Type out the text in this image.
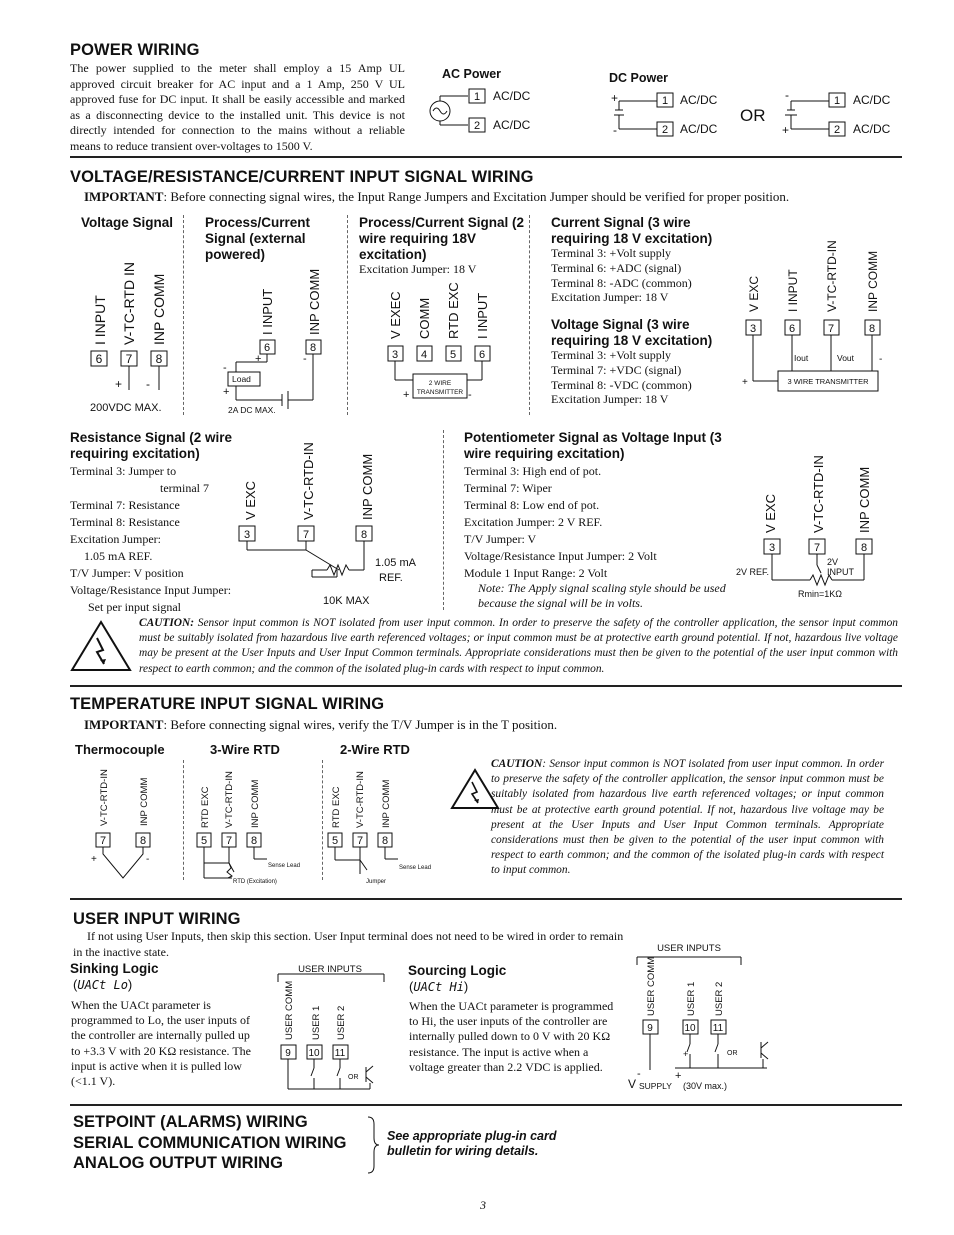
POWER WIRING
The power supplied to the meter shall employ a 15 Amp UL approved circuit breaker for AC input and a 1 Amp, 250 V UL approved fuse for DC input. It shall be easily accessible and marked as a disconnecting device to the installed unit. This device is not directly intended for connection to the mains without a reliable means to reduce transient over-voltages to 1500 V.
AC Power
1
2
AC/DC
AC/DC
DC Power
+
-
1
2
AC/DC
AC/DC
OR
-
+
1
2
AC/DC
AC/DC
VOLTAGE/RESISTANCE/CURRENT INPUT SIGNAL WIRING
IMPORTANT: Before connecting signal wires, the Input Range Jumpers and Excitation Jumper should be verified for proper position.
Voltage Signal
I INPUT V-TC-RTD IN INP COMM
6 7 8
+ -
200VDC MAX.
Process/Current Signal (external powered)
I INPUT INP COMM
6	8
-
+	-
+
Load
2A DC MAX.
Process/Current Signal (2 wire requiring 18V excitation)
Excitation Jumper: 18 V
V EXEC COMM RTD EXC I INPUT
3 4 5 6
+	-
2 WIRE
TRANSMITTER
Current Signal (3 wire requiring 18 V excitation)
Terminal 3: +Volt supply
Terminal 6: +ADC (signal)
Terminal 8: -ADC (common)
Excitation Jumper: 18 V
Voltage Signal (3 wire requiring 18 V excitation)
Terminal 3: +Volt supply
Terminal 7: +VDC (signal)
Terminal 8: -VDC (common)
Excitation Jumper: 18 V
V EXC I INPUT V-TC-RTD-IN INP COMM
3	6	7	8
+
Iout	Vout -
3 WIRE TRANSMITTER
Resistance Signal (2 wire requiring excitation)
Terminal 3: Jumper to
terminal 7
Terminal 7: Resistance
Terminal 8: Resistance
Excitation Jumper:
1.05 mA REF.
T/V Jumper: V position
Voltage/Resistance Input Jumper:
Set per input signal
V EXC	V-TC-RTD-IN	INP COMM
3	7	8
1.05 mA
REF.
10K MAX
Potentiometer Signal as Voltage Input (3 wire requiring excitation)
Terminal 3: High end of pot.
Terminal 7: Wiper
Terminal 8: Low end of pot.
Excitation Jumper: 2 V REF.
T/V Jumper: V
Voltage/Resistance Input Jumper: 2 Volt
Module 1 Input Range: 2 Volt
Note: The Apply signal scaling style should be used because the signal will be in volts.
V EXC	V-TC-RTD-IN INP COMM
3	7	8
2V REF.
2V
INPUT
Rmin=1KΩ
CAUTION: Sensor input common is NOT isolated from user input common. In order to preserve the safety of the controller application, the sensor input common must be suitably isolated from hazardous live earth referenced voltages; or input common must be at protective earth ground potential. If not, hazardous live voltage may be present at the User Inputs and User Input Common terminals. Appropriate considerations must then be given to the potential of the user input common with respect to earth common; and the common of the isolated plug-in cards with respect to input common.
TEMPERATURE INPUT SIGNAL WIRING
IMPORTANT: Before connecting signal wires, verify the T/V Jumper is in the T position.
Thermocouple
V-TC-RTD-IN	INP COMM
7	8
+	-
3-Wire RTD
RTD EXC V-TC-RTD-IN INP COMM
5 7 8
Sense Lead
RTD (Excitation)
2-Wire RTD
RTD EXC V-TC-RTD-IN INP COMM
5 7 8
Sense Lead
Jumper
CAUTION: Sensor input common is NOT isolated from user input common. In order to preserve the safety of the controller application, the sensor input common must be suitably isolated from hazardous live earth referenced voltages; or input common must be at protective earth ground potential. If not, hazardous live voltage may be present at the User Inputs and User Input Common terminals. Appropriate considerations must then be given to the potential of the user input common with respect to earth common; and the common of the isolated plug-in cards with respect to input common.
USER INPUT WIRING
If not using User Inputs, then skip this section. User Input terminal does not need to be wired in order to remain in the inactive state.
Sinking Logic
(UACt Lo)
When the UACt parameter is programmed to Lo, the user inputs of the controller are internally pulled up to +3.3 V with 20 KΩ resistance. The input is active when it is pulled low (<1.1 V).
USER INPUTS
USER COMM USER 1 USER 2
9 10 11
OR
Sourcing Logic
(UACt Hi)
When the UACt parameter is programmed to Hi, the user inputs of the controller are internally pulled down to 0 V with 20 KΩ resistance. The input is active when a voltage greater than 2.2 VDC is applied.
USER INPUTS
USER COMM	USER 1 USER 2
9	10 11
OR
+
-	+
V SUPPLY (30V max.)
SETPOINT (ALARMS) WIRING
SERIAL COMMUNICATION WIRING
ANALOG OUTPUT WIRING
See appropriate plug-in card bulletin for wiring details.
3
